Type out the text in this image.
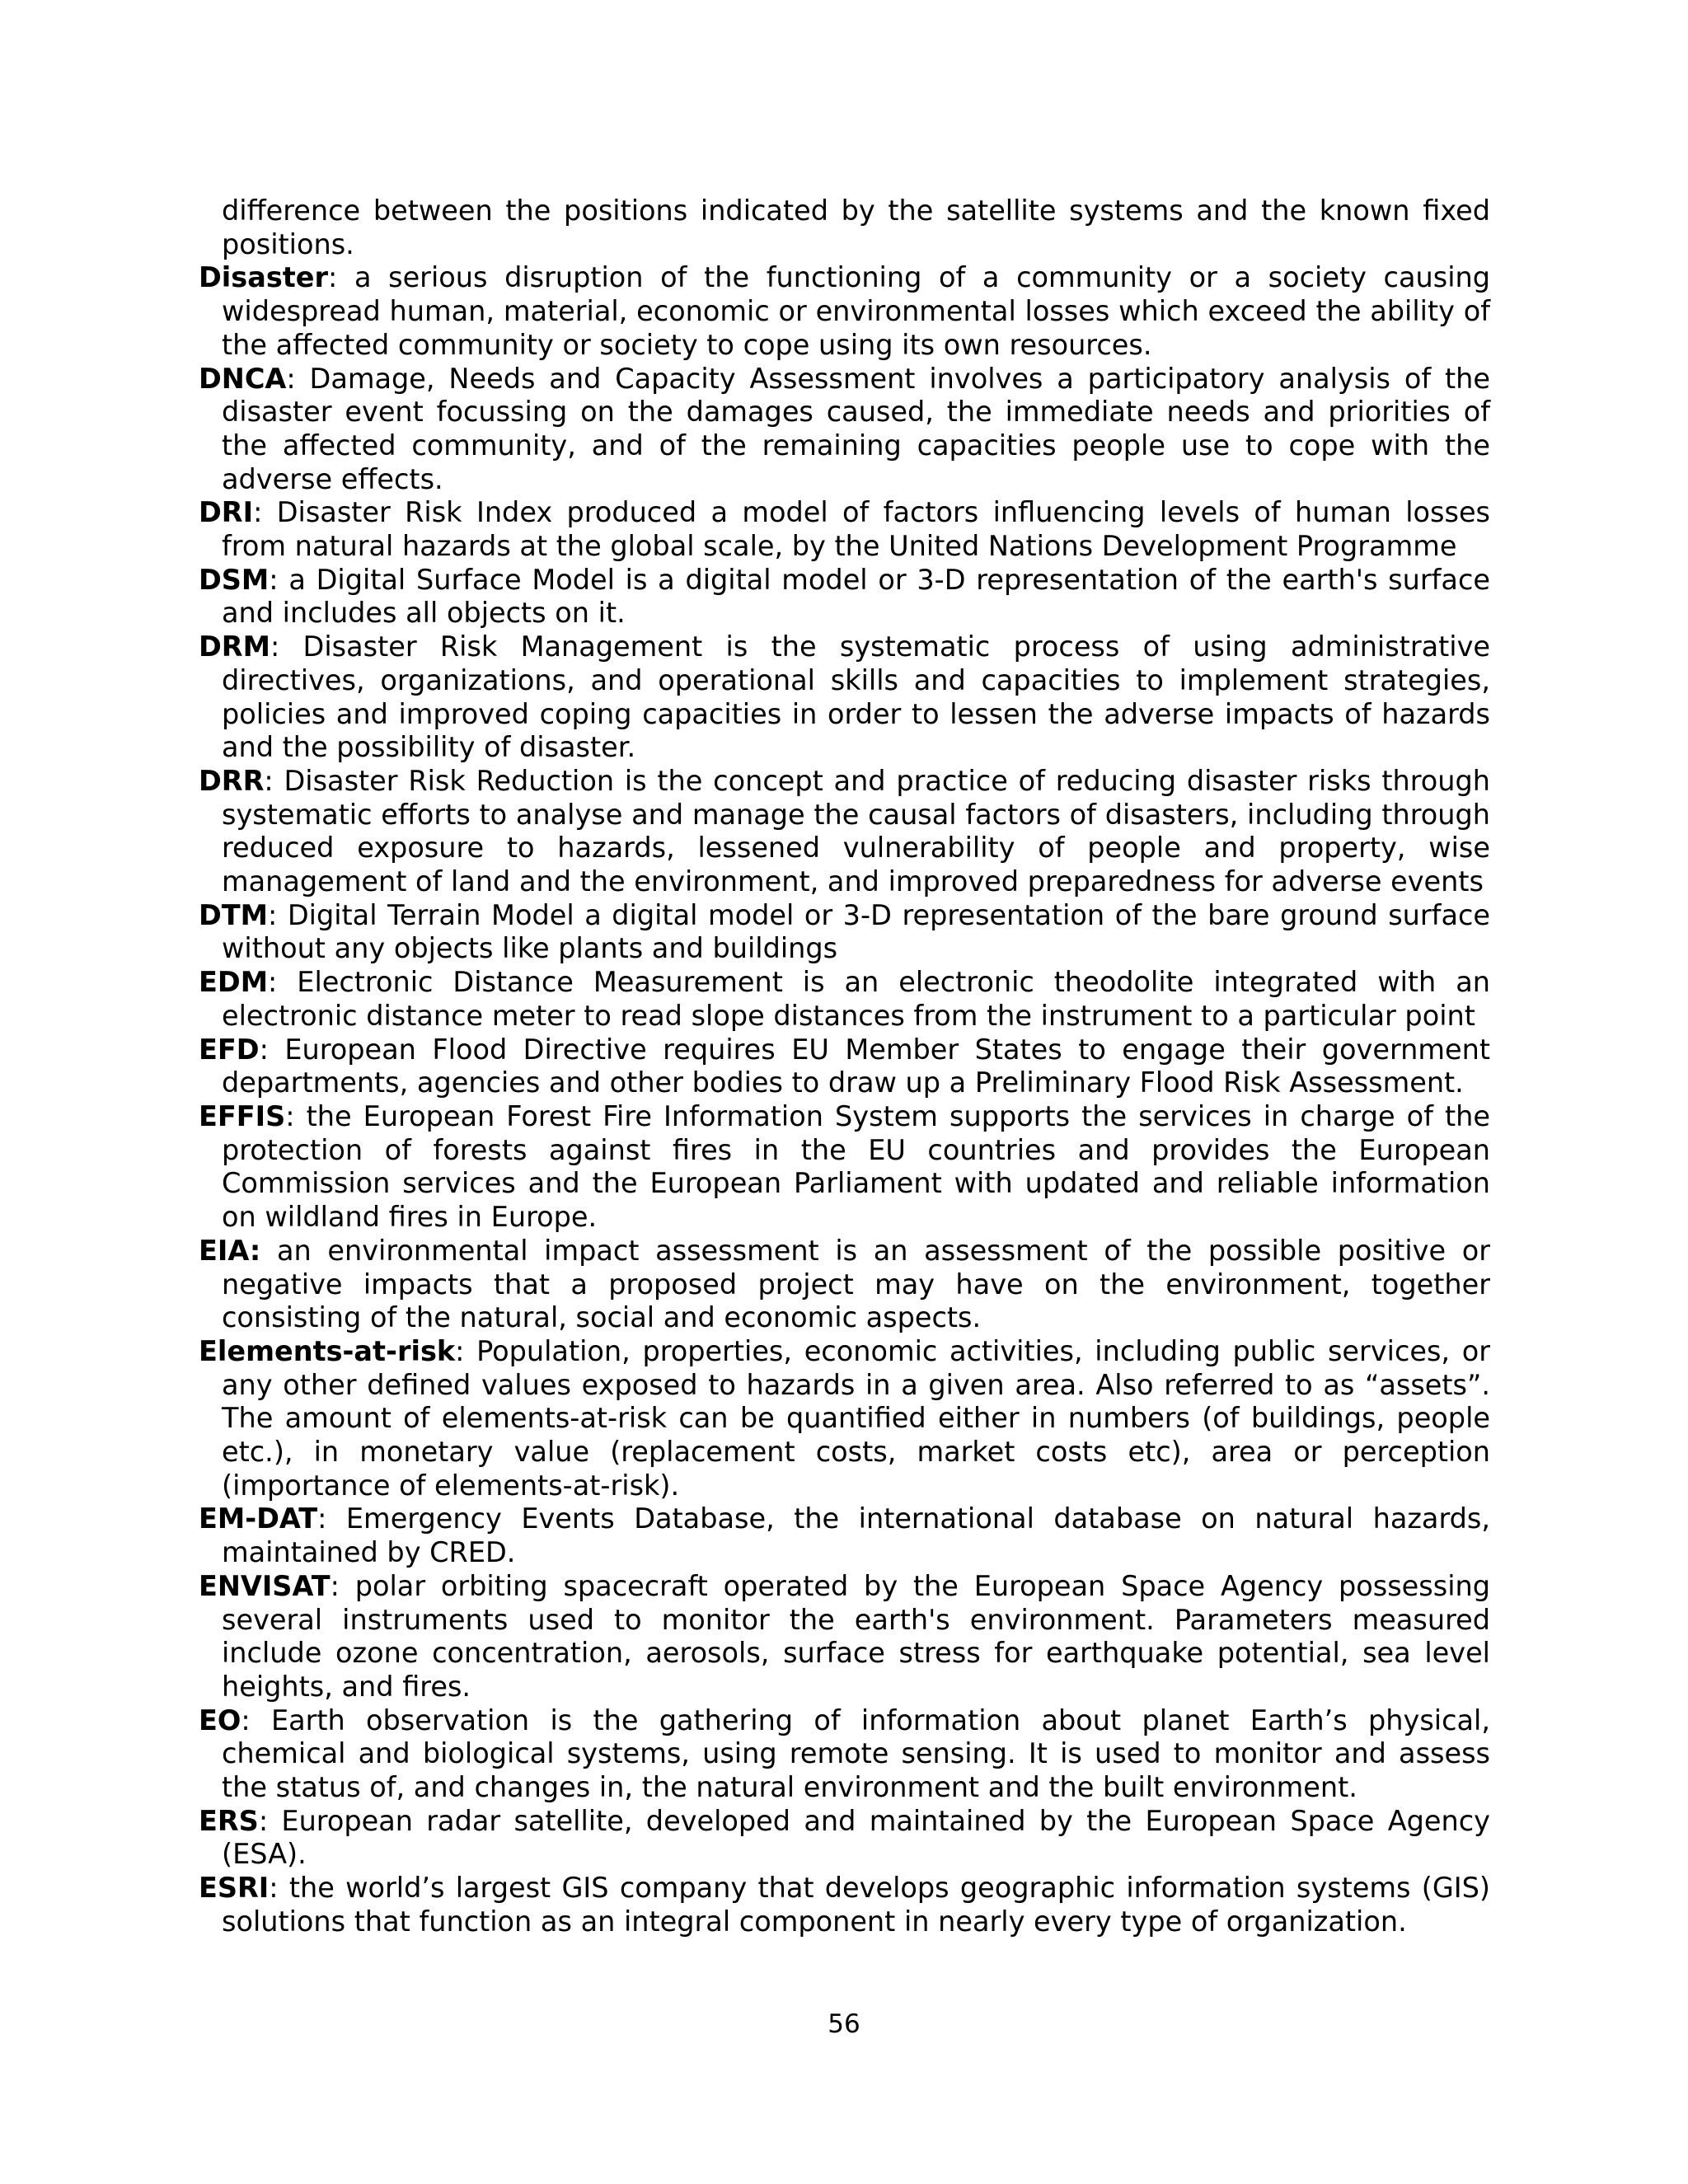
difference between the positions indicated by the satellite systems and the known fixed positions.

Disaster: a serious disruption of the functioning of a community or a society causing widespread human, material, economic or environmental losses which exceed the ability of the affected community or society to cope using its own resources.

DNCA: Damage, Needs and Capacity Assessment involves a participatory analysis of the disaster event focussing on the damages caused, the immediate needs and priorities of the affected community, and of the remaining capacities people use to cope with the adverse effects.

DRI: Disaster Risk Index produced a model of factors influencing levels of human losses from natural hazards at the global scale, by the United Nations Development Programme

DSM: a Digital Surface Model is a digital model or 3-D representation of the earth's surface and includes all objects on it.

DRM: Disaster Risk Management is the systematic process of using administrative directives, organizations, and operational skills and capacities to implement strategies, policies and improved coping capacities in order to lessen the adverse impacts of hazards and the possibility of disaster.

DRR: Disaster Risk Reduction is the concept and practice of reducing disaster risks through systematic efforts to analyse and manage the causal factors of disasters, including through reduced exposure to hazards, lessened vulnerability of people and property, wise management of land and the environment, and improved preparedness for adverse events

DTM: Digital Terrain Model a digital model or 3-D representation of the bare ground surface without any objects like plants and buildings

EDM: Electronic Distance Measurement is an electronic theodolite integrated with an electronic distance meter to read slope distances from the instrument to a particular point

EFD: European Flood Directive requires EU Member States to engage their government departments, agencies and other bodies to draw up a Preliminary Flood Risk Assessment.

EFFIS: the European Forest Fire Information System supports the services in charge of the protection of forests against fires in the EU countries and provides the European Commission services and the European Parliament with updated and reliable information on wildland fires in Europe.

EIA: an environmental impact assessment is an assessment of the possible positive or negative impacts that a proposed project may have on the environment, together consisting of the natural, social and economic aspects.

Elements-at-risk: Population, properties, economic activities, including public services, or any other defined values exposed to hazards in a given area. Also referred to as “assets”. The amount of elements-at-risk can be quantified either in numbers (of buildings, people etc.), in monetary value (replacement costs, market costs etc), area or perception (importance of elements-at-risk).

EM-DAT: Emergency Events Database, the international database on natural hazards, maintained by CRED.

ENVISAT: polar orbiting spacecraft operated by the European Space Agency possessing several instruments used to monitor the earth's environment. Parameters measured include ozone concentration, aerosols, surface stress for earthquake potential, sea level heights, and fires.

EO: Earth observation is the gathering of information about planet Earth’s physical, chemical and biological systems, using remote sensing. It is used to monitor and assess the status of, and changes in, the natural environment and the built environment.

ERS: European radar satellite, developed and maintained by the European Space Agency (ESA).

ESRI: the world’s largest GIS company that develops geographic information systems (GIS) solutions that function as an integral component in nearly every type of organization.

56
